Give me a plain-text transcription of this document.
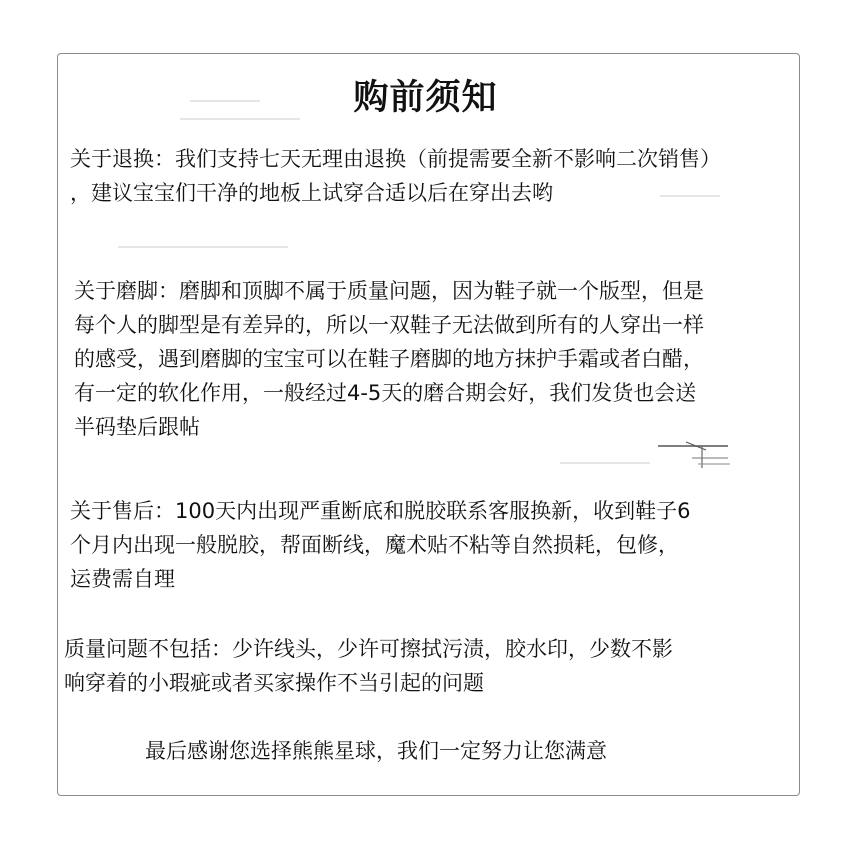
购前须知
关于退换：我们支持七天无理由退换（前提需要全新不影响二次销售）
，建议宝宝们干净的地板上试穿合适以后在穿出去哟
关于磨脚：磨脚和顶脚不属于质量问题，因为鞋子就一个版型，但是
每个人的脚型是有差异的，所以一双鞋子无法做到所有的人穿出一样
的感受，遇到磨脚的宝宝可以在鞋子磨脚的地方抹护手霜或者白醋，
有一定的软化作用，一般经过4-5天的磨合期会好，我们发货也会送
半码垫后跟帖
关于售后：100天内出现严重断底和脱胶联系客服换新，收到鞋子6
个月内出现一般脱胶，帮面断线，魔术贴不粘等自然损耗，包修，
运费需自理
质量问题不包括：少许线头，少许可擦拭污渍，胶水印，少数不影
响穿着的小瑕疵或者买家操作不当引起的问题
最后感谢您选择熊熊星球，我们一定努力让您满意
